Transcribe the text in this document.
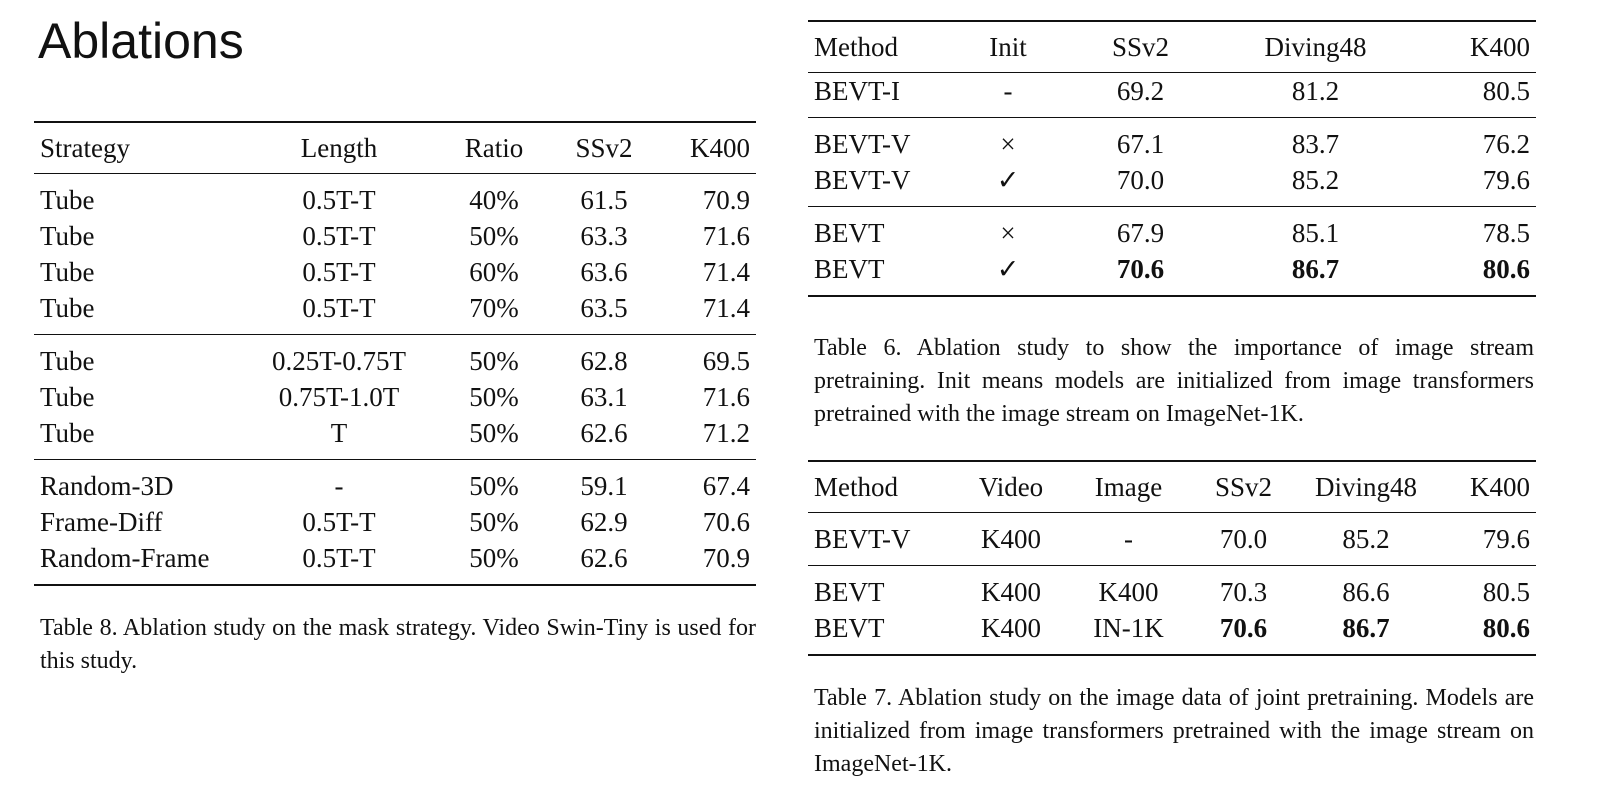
Ablations
Strategy	Length	Ratio	SSv2	K400
Tube	0.5T-T	40%	61.5	70.9
Tube	0.5T-T	50%	63.3	71.6
Tube	0.5T-T	60%	63.6	71.4
Tube	0.5T-T	70%	63.5	71.4
Tube	0.25T-0.75T	50%	62.8	69.5
Tube	0.75T-1.0T	50%	63.1	71.6
Tube	T	50%	62.6	71.2
Random-3D	-	50%	59.1	67.4
Frame-Diff	0.5T-T	50%	62.9	70.6
Random-Frame	0.5T-T	50%	62.6	70.9
Table 8. Ablation study on the mask strategy. Video Swin-Tiny is used for this study.
Method	Init	SSv2	Diving48	K400
BEVT-I	-	69.2	81.2	80.5
BEVT-V	×	67.1	83.7	76.2
BEVT-V	✓	70.0	85.2	79.6
BEVT	×	67.9	85.1	78.5
BEVT	✓	70.6	86.7	80.6
Table 6. Ablation study to show the importance of image stream pretraining. Init means models are initialized from image transformers pretrained with the image stream on ImageNet-1K.
Method	Video	Image	SSv2	Diving48	K400
BEVT-V	K400	-	70.0	85.2	79.6
BEVT	K400	K400	70.3	86.6	80.5
BEVT	K400	IN-1K	70.6	86.7	80.6
Table 7. Ablation study on the image data of joint pretraining. Models are initialized from image transformers pretrained with the image stream on ImageNet-1K.
